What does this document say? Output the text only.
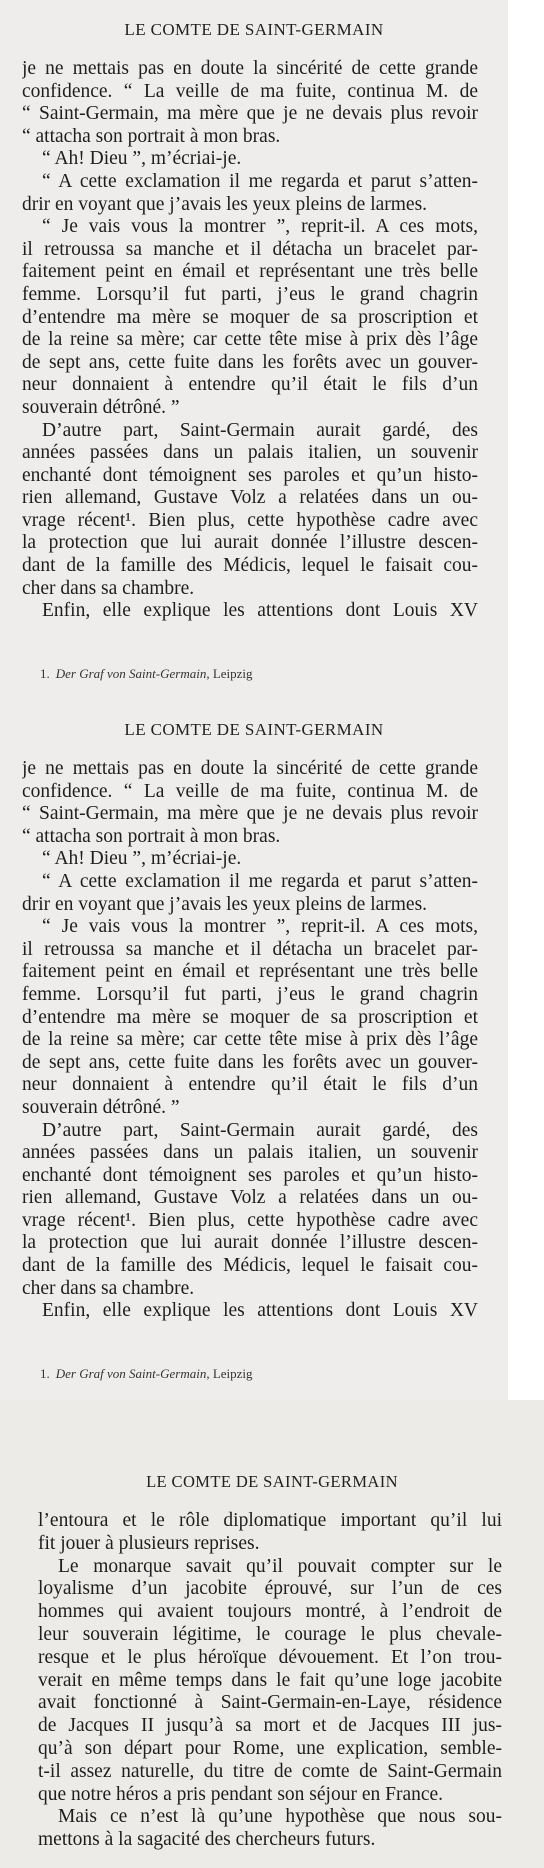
LE COMTE DE SAINT-GERMAIN
je ne mettais pas en doute la sincérité de cette grande
confidence. “ La veille de ma fuite, continua M. de
“ Saint-Germain, ma mère que je ne devais plus revoir
“ attacha son portrait à mon bras.
“ Ah! Dieu ”, m’écriai-je.
“ A cette exclamation il me regarda et parut s’atten-
drir en voyant que j’avais les yeux pleins de larmes.
“ Je vais vous la montrer ”, reprit-il. A ces mots,
il retroussa sa manche et il détacha un bracelet par-
faitement peint en émail et représentant une très belle
femme. Lorsqu’il fut parti, j’eus le grand chagrin
d’entendre ma mère se moquer de sa proscription et
de la reine sa mère; car cette tête mise à prix dès l’âge
de sept ans, cette fuite dans les forêts avec un gouver-
neur donnaient à entendre qu’il était le fils d’un
souverain détrôné. ”
D’autre part, Saint-Germain aurait gardé, des
années passées dans un palais italien, un souvenir
enchanté dont témoignent ses paroles et qu’un histo-
rien allemand, Gustave Volz a relatées dans un ou-
vrage récent¹. Bien plus, cette hypothèse cadre avec
la protection que lui aurait donnée l’illustre descen-
dant de la famille des Médicis, lequel le faisait cou-
cher dans sa chambre.
Enfin, elle explique les attentions dont Louis XV
1. Der Graf von Saint-Germain, Leipzig
LE COMTE DE SAINT-GERMAIN
je ne mettais pas en doute la sincérité de cette grande
confidence. “ La veille de ma fuite, continua M. de
“ Saint-Germain, ma mère que je ne devais plus revoir
“ attacha son portrait à mon bras.
“ Ah! Dieu ”, m’écriai-je.
“ A cette exclamation il me regarda et parut s’atten-
drir en voyant que j’avais les yeux pleins de larmes.
“ Je vais vous la montrer ”, reprit-il. A ces mots,
il retroussa sa manche et il détacha un bracelet par-
faitement peint en émail et représentant une très belle
femme. Lorsqu’il fut parti, j’eus le grand chagrin
d’entendre ma mère se moquer de sa proscription et
de la reine sa mère; car cette tête mise à prix dès l’âge
de sept ans, cette fuite dans les forêts avec un gouver-
neur donnaient à entendre qu’il était le fils d’un
souverain détrôné. ”
D’autre part, Saint-Germain aurait gardé, des
années passées dans un palais italien, un souvenir
enchanté dont témoignent ses paroles et qu’un histo-
rien allemand, Gustave Volz a relatées dans un ou-
vrage récent¹. Bien plus, cette hypothèse cadre avec
la protection que lui aurait donnée l’illustre descen-
dant de la famille des Médicis, lequel le faisait cou-
cher dans sa chambre.
Enfin, elle explique les attentions dont Louis XV
1. Der Graf von Saint-Germain, Leipzig
LE COMTE DE SAINT-GERMAIN
l’entoura et le rôle diplomatique important qu’il lui
fit jouer à plusieurs reprises.
Le monarque savait qu’il pouvait compter sur le
loyalisme d’un jacobite éprouvé, sur l’un de ces
hommes qui avaient toujours montré, à l’endroit de
leur souverain légitime, le courage le plus chevale-
resque et le plus héroïque dévouement. Et l’on trou-
verait en même temps dans le fait qu’une loge jacobite
avait fonctionné à Saint-Germain-en-Laye, résidence
de Jacques II jusqu’à sa mort et de Jacques III jus-
qu’à son départ pour Rome, une explication, semble-
t-il assez naturelle, du titre de comte de Saint-Germain
que notre héros a pris pendant son séjour en France.
Mais ce n’est là qu’une hypothèse que nous sou-
mettons à la sagacité des chercheurs futurs.
